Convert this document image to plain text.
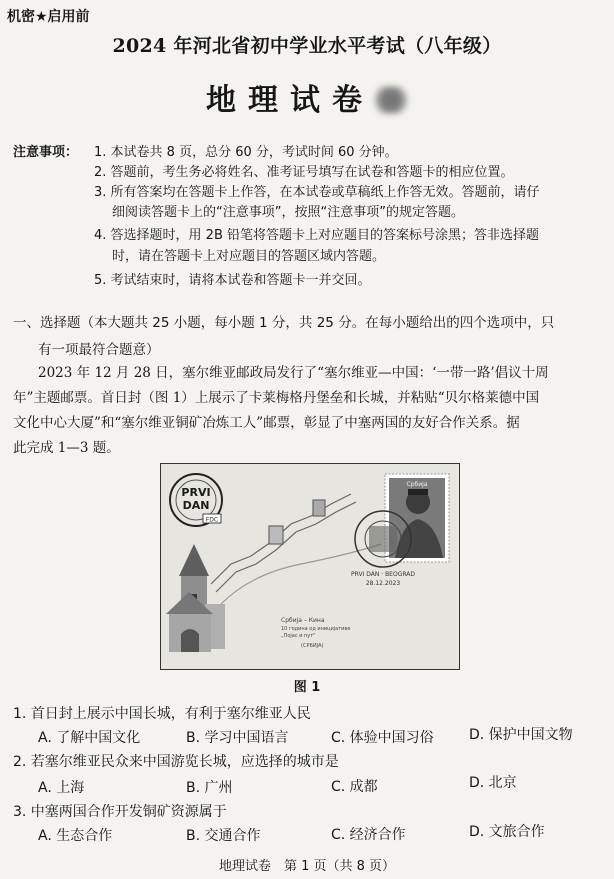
机密★启用前
2024 年河北省初中学业水平考试（八年级）
地理试卷
注意事项： 1. 本试卷共 8 页，总分 60 分，考试时间 60 分钟。
2. 答题前，考生务必将姓名、准考证号填写在试卷和答题卡的相应位置。
3. 所有答案均在答题卡上作答，在本试卷或草稿纸上作答无效。答题前，请仔
细阅读答题卡上的“注意事项”，按照“注意事项”的规定答题。
4. 答选择题时，用 2B 铅笔将答题卡上对应题目的答案标号涂黑；答非选择题
时，请在答题卡上对应题目的答题区域内答题。
5. 考试结束时，请将本试卷和答题卡一并交回。
一、选择题（本大题共 25 小题，每小题 1 分，共 25 分。在每小题给出的四个选项中，只
有一项最符合题意）
2023 年 12 月 28 日，塞尔维亚邮政局发行了“塞尔维亚—中国：‘一带一路’倡议十周
年”主题邮票。首日封（图 1）上展示了卡莱梅格丹堡垒和长城，并粘贴“贝尔格莱德中国
文化中心大厦”和“塞尔维亚铜矿冶炼工人”邮票，彰显了中塞两国的友好合作关系。据
此完成 1—3 题。
PRVI
DAN
FDC
Србија
PRVI DAN · BEOGRAD
28.12.2023
Србија – Кина
10 година од иницијативе
„Појас и пут"
(СРБИЈА)
图 1
1. 首日封上展示中国长城，有利于塞尔维亚人民
A. 了解中国文化	B. 学习中国语言	C. 体验中国习俗	D. 保护中国文物
2. 若塞尔维亚民众来中国游览长城，应选择的城市是
A. 上海	B. 广州	C. 成都	D. 北京
3. 中塞两国合作开发铜矿资源属于
A. 生态合作	B. 交通合作	C. 经济合作	D. 文旅合作
地理试卷　第 1 页（共 8 页）
